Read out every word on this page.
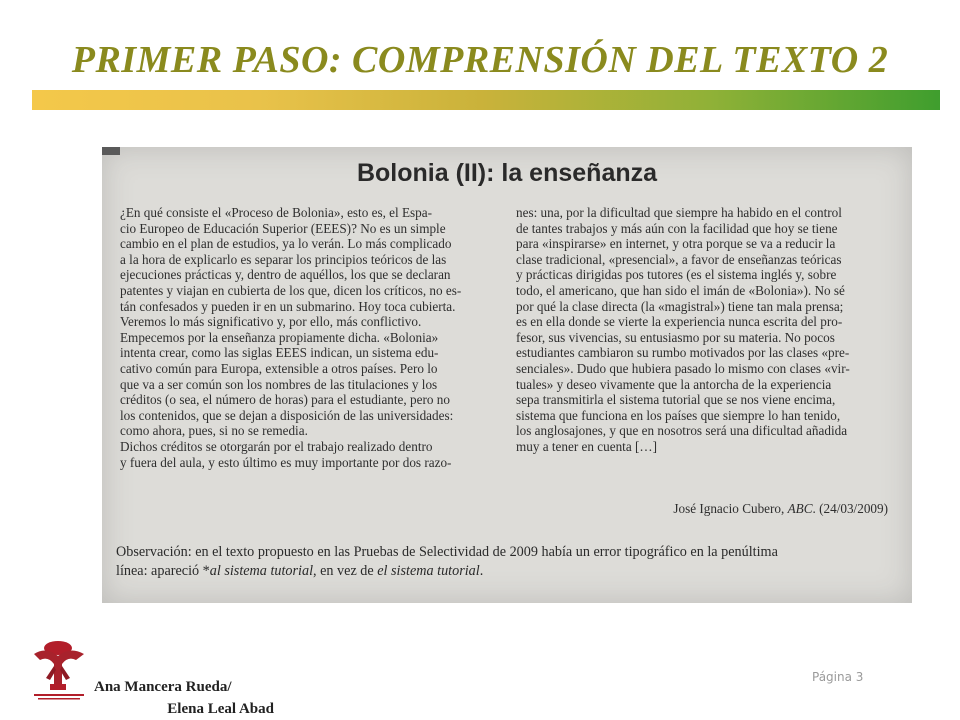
PRIMER PASO: COMPRENSIÓN DEL TEXTO 2
Bolonia (II): la enseñanza
¿En qué consiste el «Proceso de Bolonia», esto es, el Espa-
cio Europeo de Educación Superior (EEES)? No es un simple
cambio en el plan de estudios, ya lo verán. Lo más complicado
a la hora de explicarlo es separar los principios teóricos de las
ejecuciones prácticas y, dentro de aquéllos, los que se declaran
patentes y viajan en cubierta de los que, dicen los críticos, no es-
tán confesados y pueden ir en un submarino. Hoy toca cubierta.
Veremos lo más significativo y, por ello, más conflictivo.
Empecemos por la enseñanza propiamente dicha. «Bolonia»
intenta crear, como las siglas EEES indican, un sistema edu-
cativo común para Europa, extensible a otros países. Pero lo
que va a ser común son los nombres de las titulaciones y los
créditos (o sea, el número de horas) para el estudiante, pero no
los contenidos, que se dejan a disposición de las universidades:
como ahora, pues, si no se remedia.
Dichos créditos se otorgarán por el trabajo realizado dentro
y fuera del aula, y esto último es muy importante por dos razo-
nes: una, por la dificultad que siempre ha habido en el control
de tantes trabajos y más aún con la facilidad que hoy se tiene
para «inspirarse» en internet, y otra porque se va a reducir la
clase tradicional, «presencial», a favor de enseñanzas teóricas
y prácticas dirigidas pos tutores (es el sistema inglés y, sobre
todo, el americano, que han sido el imán de «Bolonia»). No sé
por qué la clase directa (la «magistral») tiene tan mala prensa;
es en ella donde se vierte la experiencia nunca escrita del pro-
fesor, sus vivencias, su entusiasmo por su materia. No pocos
estudiantes cambiaron su rumbo motivados por las clases «pre-
senciales». Dudo que hubiera pasado lo mismo con clases «vir-
tuales» y deseo vivamente que la antorcha de la experiencia
sepa transmitirla el sistema tutorial que se nos viene encima,
sistema que funciona en los países que siempre lo han tenido,
los anglosajones, y que en nosotros será una dificultad añadida
muy a tener en cuenta […]
José Ignacio Cubero, ABC. (24/03/2009)
Observación: en el texto propuesto en las Pruebas de Selectividad de 2009 había un error tipográfico en la penúltima
línea: apareció *al sistema tutorial, en vez de el sistema tutorial.
Ana Mancera Rueda/
Elena Leal Abad
Página 3
